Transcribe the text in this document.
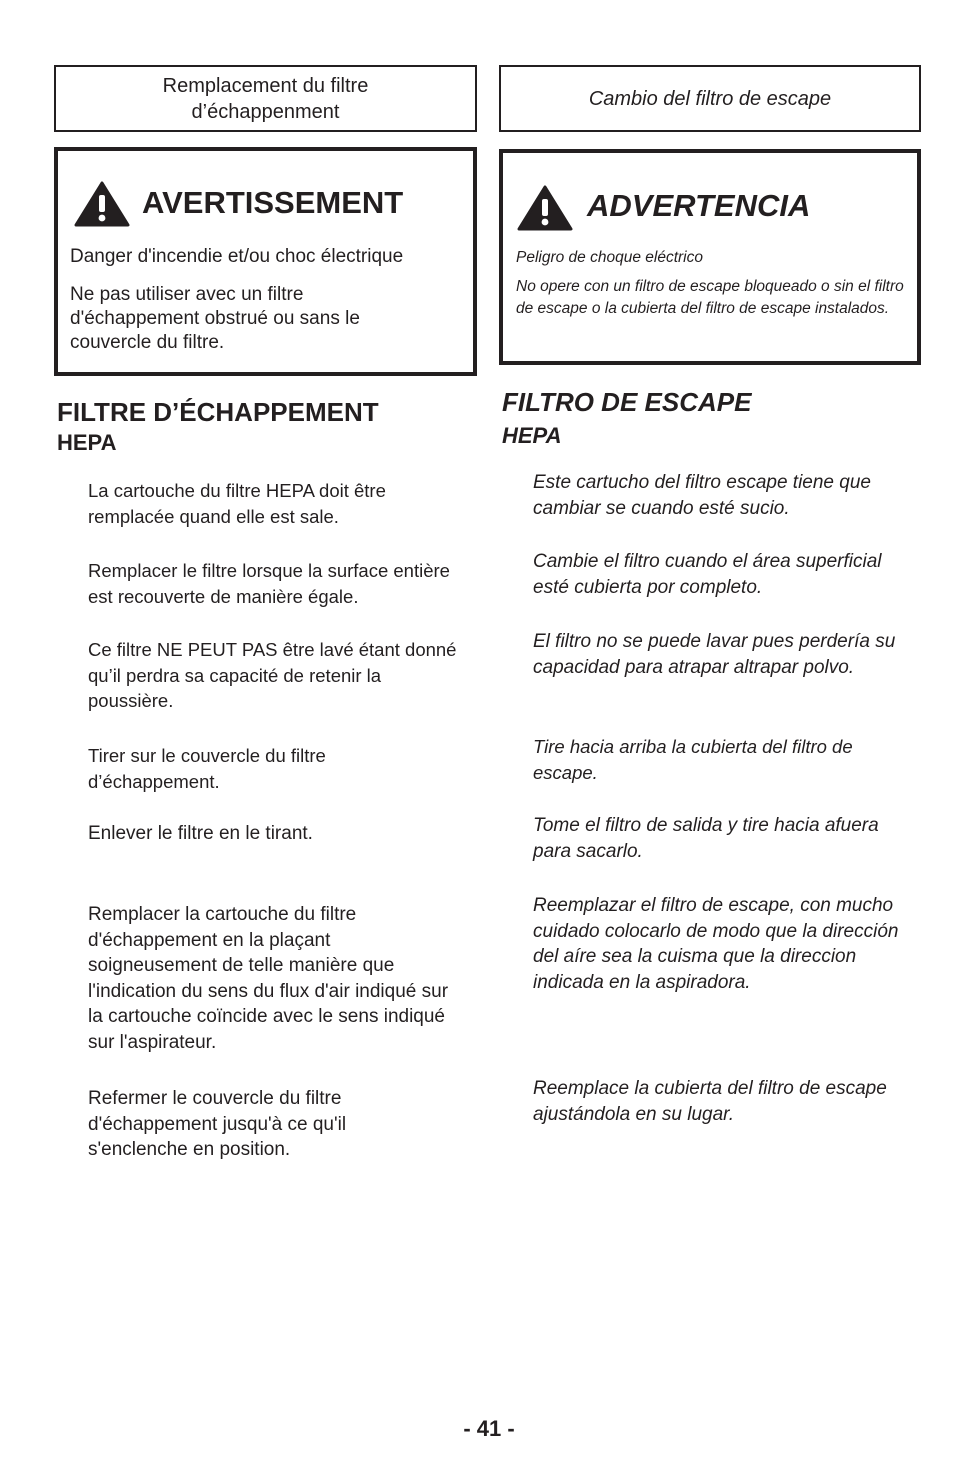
Remplacement du filtre
d’échappenment
AVERTISSEMENT
Danger d'incendie et/ou choc électrique
Ne pas utiliser avec un filtre d'échappement obstrué ou sans le couvercle du filtre.
FILTRE D’ÉCHAPPEMENT
HEPA
La cartouche du filtre HEPA doit être remplacée quand elle est sale.
Remplacer le filtre lorsque la surface entière est recouverte de manière égale.
Ce filtre NE PEUT PAS être lavé étant donné qu’il perdra sa capacité de retenir la poussière.
Tirer sur le couvercle du filtre d’échappement.
Enlever le filtre en le tirant.
Remplacer la cartouche du filtre d'échappement en la plaçant soigneusement de telle manière que l'indication du sens du flux d'air indiqué sur la cartouche coïncide avec le sens indiqué sur l'aspirateur.
Refermer le couvercle du filtre d'échappement jusqu'à ce qu'il s'enclenche en position.
Cambio del filtro de escape
ADVERTENCIA
Peligro de choque eléctrico
No opere con un filtro de escape bloqueado o sin el filtro de escape o la cubierta del filtro de escape instalados.
FILTRO DE ESCAPE
HEPA
Este cartucho del filtro escape tiene que cambiar se cuando esté sucio.
Cambie el filtro cuando el área superficial esté cubierta por completo.
El filtro no se puede lavar pues perdería su capacidad para atrapar altrapar polvo.
Tire hacia arriba la cubierta del filtro de escape.
Tome el filtro de salida y tire hacia afuera para sacarlo.
Reemplazar el filtro de escape, con mucho cuidado colocarlo de modo que la dirección del aíre sea la cuisma que la direccion indicada en la aspiradora.
Reemplace la cubierta del filtro de escape ajustándola en su lugar.
- 41 -
